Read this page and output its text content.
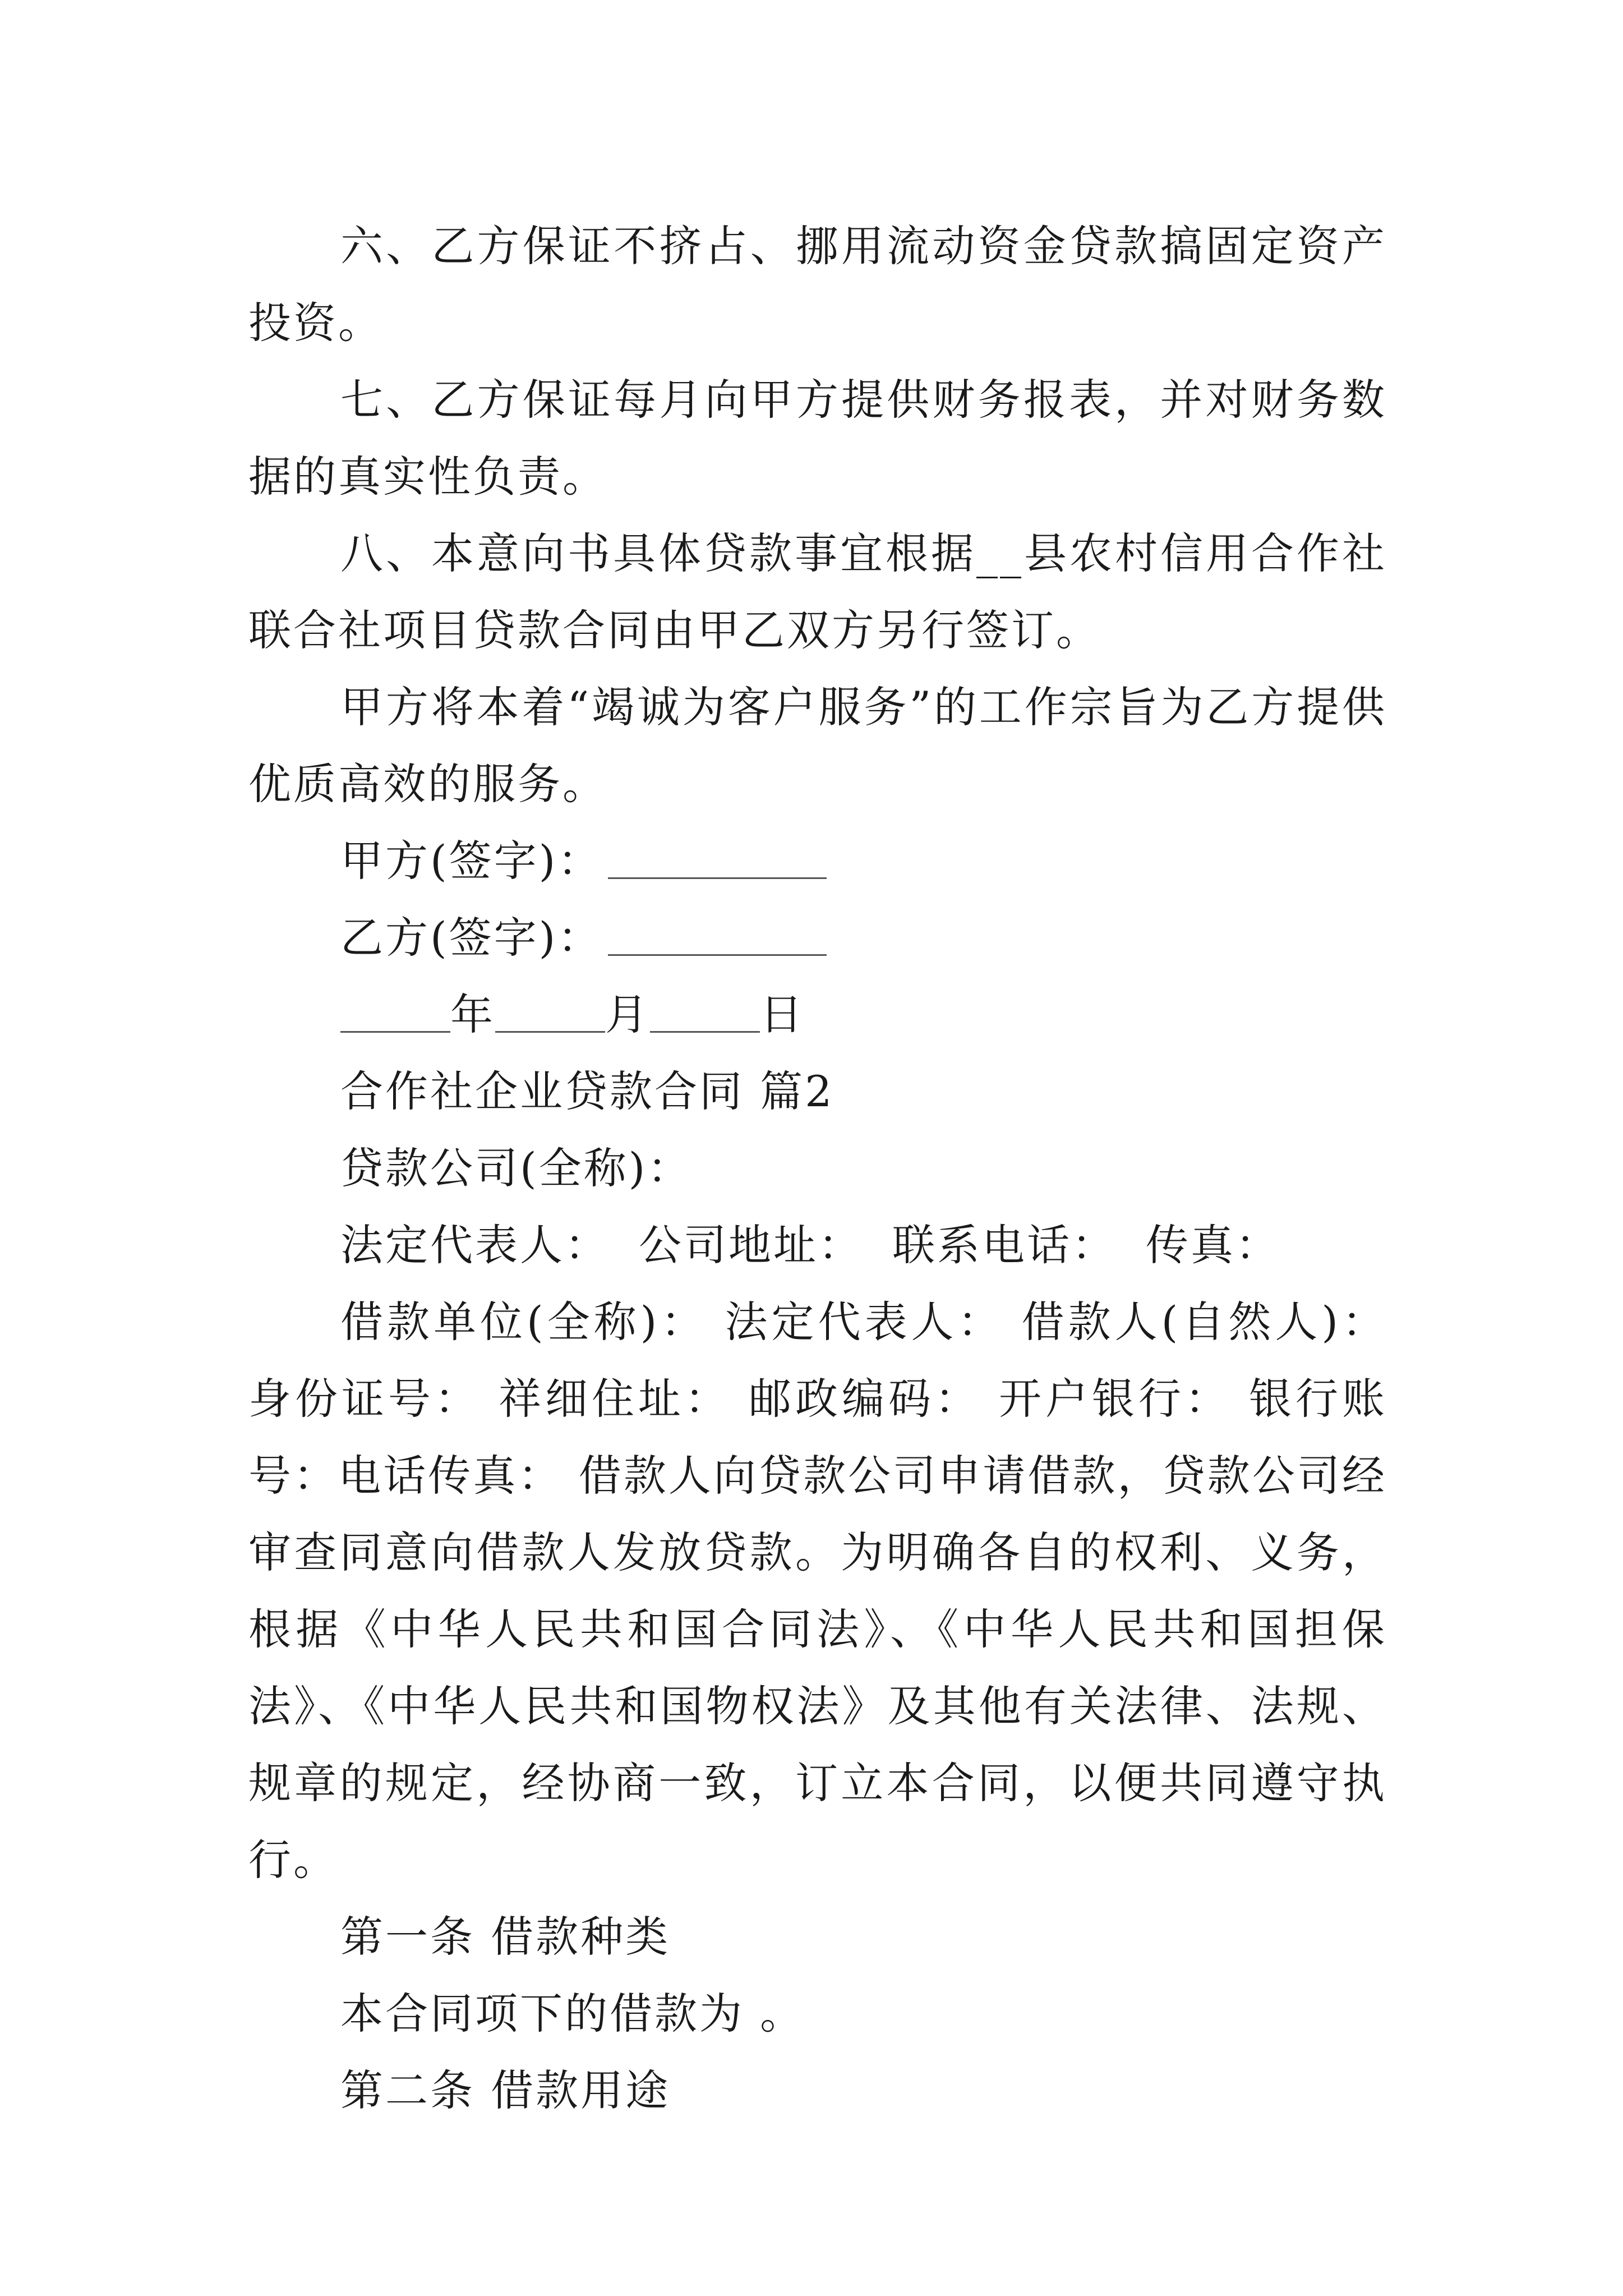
六、乙方保证不挤占、挪用流动资金贷款搞固定资产投资。

七、乙方保证每月向甲方提供财务报表，并对财务数据的真实性负责。

八、本意向书具体贷款事宜根据__县农村信用合作社联合社项目贷款合同由甲乙双方另行签订。

甲方将本着“竭诚为客户服务”的工作宗旨为乙方提供优质高效的服务。

甲方(签字)：

乙方(签字)：

年	月	日

合作社企业贷款合同 篇2

贷款公司(全称)：

法定代表人： 公司地址： 联系电话： 传真：

借款单位(全称)： 法定代表人： 借款人(自然人)：身份证号： 祥细住址： 邮政编码： 开户银行： 银行账号：电话传真： 借款人向贷款公司申请借款，贷款公司经审查同意向借款人发放贷款。为明确各自的权利、义务，根据《中华人民共和国合同法》、《中华人民共和国担保法》、《中华人民共和国物权法》及其他有关法律、法规、规章的规定，经协商一致，订立本合同，以便共同遵守执行。

第一条 借款种类

本合同项下的借款为 。

第二条 借款用途
